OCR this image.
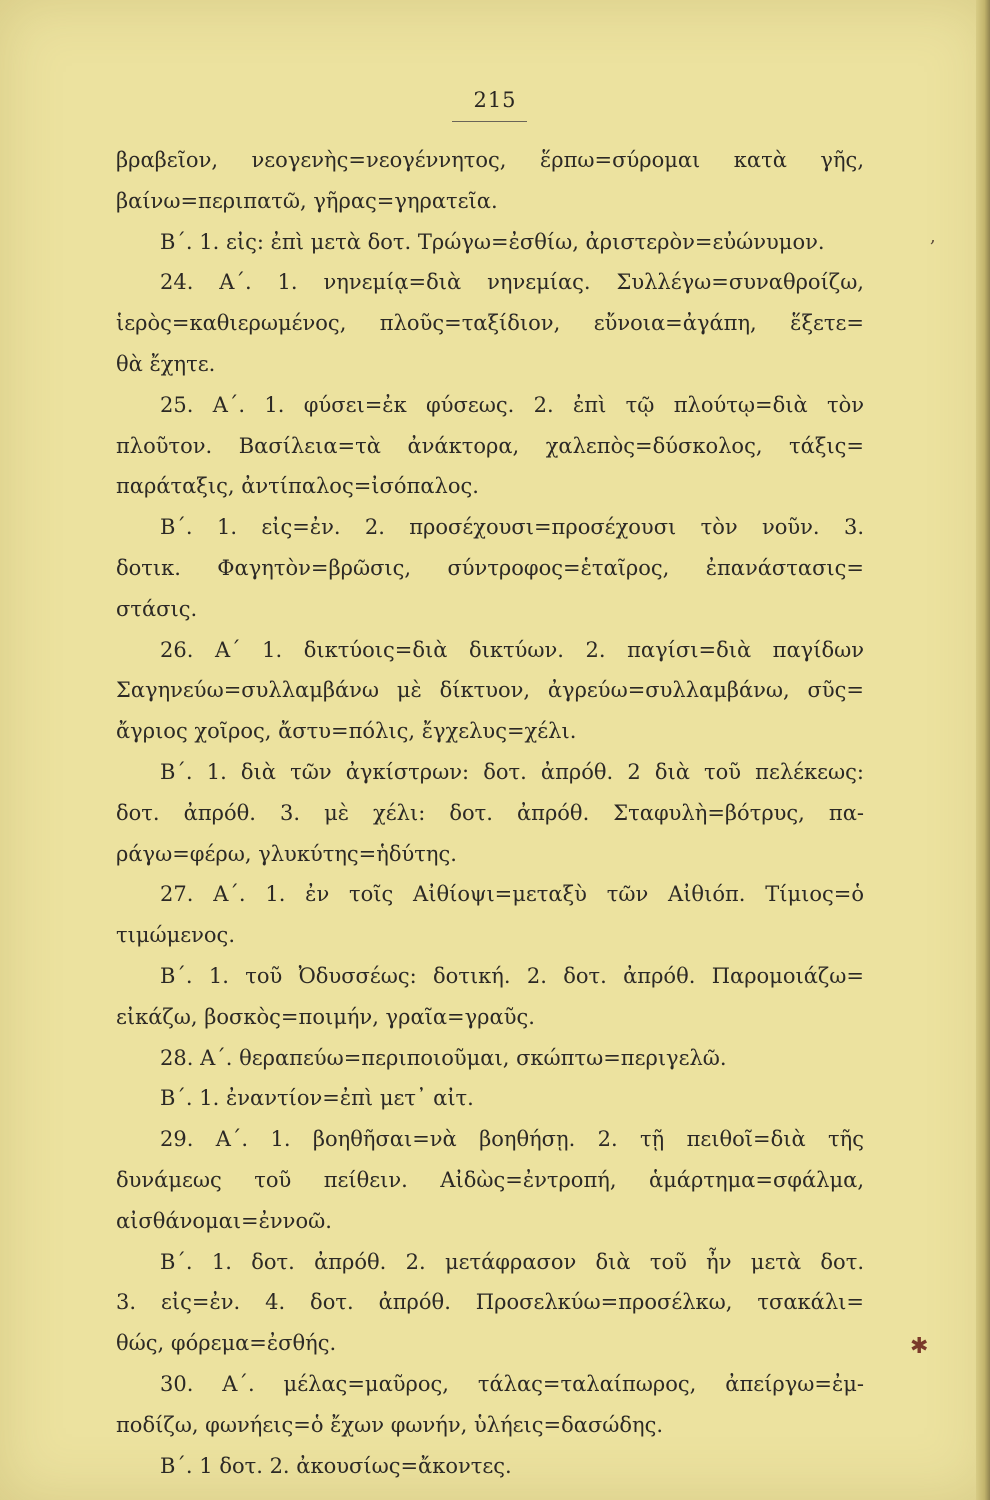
215
βραβεῖον, νεογενὴς=νεογέννητος, ἕρπω=σύρομαι κατὰ γῆς,
βαίνω=περιπατῶ, γῆρας=γηρατεῖα.
Β΄. 1. εἰς: ἐπὶ μετὰ δοτ. Τρώγω=ἐσθίω, ἀριστερὸν=εὐώνυμον.
24. Α΄. 1. νηνεμίᾳ=διὰ νηνεμίας. Συλλέγω=συναθροίζω,
ἱερὸς=καθιερωμένος, πλοῦς=ταξίδιον, εὔνοια=ἀγάπη, ἕξετε=
θὰ ἔχητε.
25. Α΄. 1. φύσει=ἐκ φύσεως. 2. ἐπὶ τῷ πλούτῳ=διὰ τὸν
πλοῦτον. Βασίλεια=τὰ ἀνάκτορα, χαλεπὸς=δύσκολος, τάξις=
παράταξις, ἀντίπαλος=ἰσόπαλος.
Β΄. 1. εἰς=ἐν. 2. προσέχουσι=προσέχουσι τὸν νοῦν. 3.
δοτικ. Φαγητὸν=βρῶσις, σύντροφος=ἑταῖρος, ἐπανάστασις=
στάσις.
26. Α΄ 1. δικτύοις=διὰ δικτύων. 2. παγίσι=διὰ παγίδων
Σαγηνεύω=συλλαμβάνω μὲ δίκτυον, ἀγρεύω=συλλαμβάνω, σῦς=
ἄγριος χοῖρος, ἄστυ=πόλις, ἔγχελυς=χέλι.
Β΄. 1. διὰ τῶν ἀγκίστρων: δοτ. ἀπρόθ. 2 διὰ τοῦ πελέκεως:
δοτ. ἀπρόθ. 3. μὲ χέλι: δοτ. ἀπρόθ. Σταφυλὴ=βότρυς, πα-
ράγω=φέρω, γλυκύτης=ἡδύτης.
27. Α΄. 1. ἐν τοῖς Αἰθίοψι=μεταξὺ τῶν Αἰθιόπ. Τίμιος=ὁ
τιμώμενος.
Β΄. 1. τοῦ Ὀδυσσέως: δοτική. 2. δοτ. ἀπρόθ. Παρομοιάζω=
εἰκάζω, βοσκὸς=ποιμήν, γραῖα=γραῦς.
28. Α΄. θεραπεύω=περιποιοῦμαι, σκώπτω=περιγελῶ.
Β΄. 1. ἐναντίον=ἐπὶ μετ᾽ αἰτ.
29. Α΄. 1. βοηθῆσαι=νὰ βοηθήσῃ. 2. τῇ πειθοῖ=διὰ τῆς
δυνάμεως τοῦ πείθειν. Αἰδὼς=ἐντροπή, ἁμάρτημα=σφάλμα,
αἰσθάνομαι=ἐννοῶ.
Β΄. 1. δοτ. ἀπρόθ. 2. μετάφρασον διὰ τοῦ ἦν μετὰ δοτ.
3. εἰς=ἐν. 4. δοτ. ἀπρόθ. Προσελκύω=προσέλκω, τσακάλι=
θώς, φόρεμα=ἐσθής.
30. Α΄. μέλας=μαῦρος, τάλας=ταλαίπωρος, ἀπείργω=ἐμ-
ποδίζω, φωνήεις=ὁ ἔχων φωνήν, ὑλήεις=δασώδης.
Β΄. 1 δοτ. 2. ἀκουσίως=ἄκοντες.
,
✱
